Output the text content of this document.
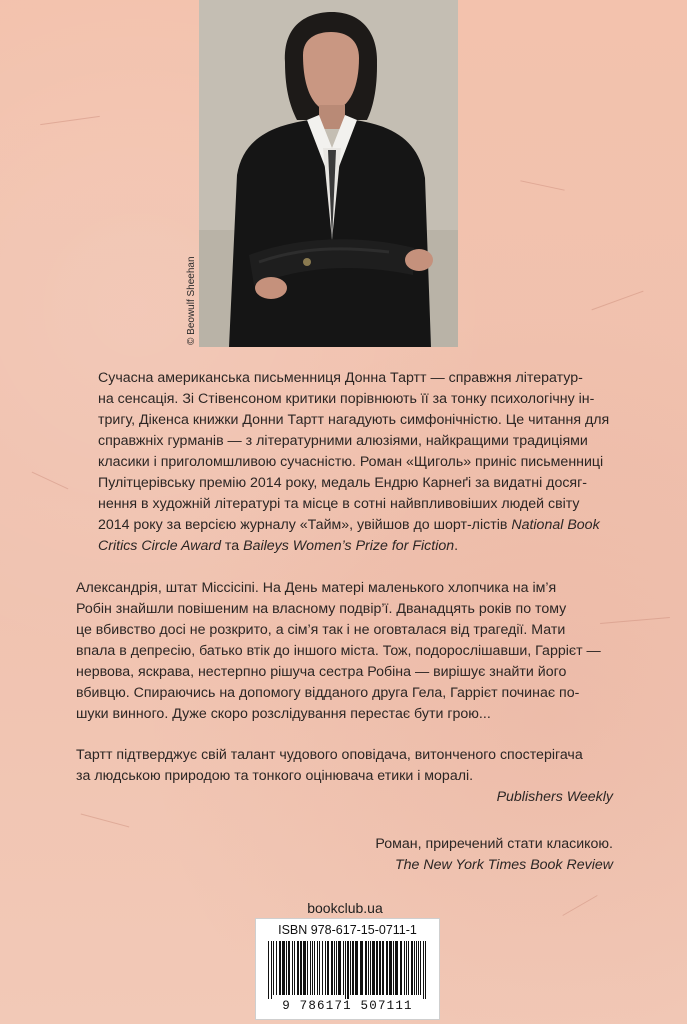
© Beowulf Sheehan

Сучасна американська письменниця Донна Тартт — справжня літератур-
на сенсація. Зі Стівенсоном критики порівнюють її за тонку психологічну ін-
тригу, Дікенса книжки Донни Тартт нагадують симфонічністю. Це читання для
справжніх гурманів — з літературними алюзіями, найкращими традиціями
класики і приголомшливою сучасністю. Роман «Щиголь» приніс письменниці
Пулітцерівську премію 2014 року, медаль Ендрю Карнеґі за видатні досяг-
нення в художній літературі та місце в сотні найвпливовіших людей світу
2014 року за версією журналу «Тайм», увійшов до шорт-лістів National Book
Critics Circle Award та Baileys Women’s Prize for Fiction.

Александрія, штат Міссісіпі. На День матері маленького хлопчика на ім’я
Робін знайшли повішеним на власному подвір’ї. Дванадцять років по тому
це вбивство досі не розкрито, а сім’я так і не оговталася від трагедії. Мати
впала в депресію, батько втік до іншого міста. Тож, подорослішавши, Гаррієт —
нервова, яскрава, нестерпно рішуча сестра Робіна — вирішує знайти його
вбивцю. Спираючись на допомогу відданого друга Гела, Гаррієт починає по-
шуки винного. Дуже скоро розслідування перестає бути грою...

Тартт підтверджує свій талант чудового оповідача, витонченого спостерігача
за людською природою та тонкого оцінювача етики і моралі.

Publishers Weekly

Роман, приречений стати класикою.

The New York Times Book Review

bookclub.ua
ISBN 978-617-15-0711-1
9 786171 507111
